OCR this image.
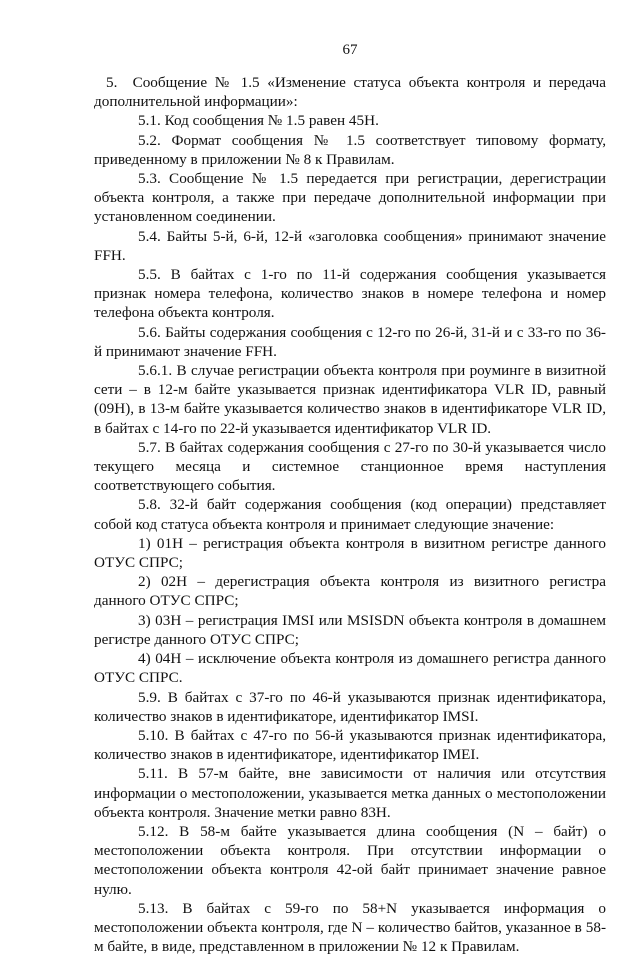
67

5. Сообщение № 1.5 «Изменение статуса объекта контроля и передача дополнительной информации»:

5.1. Код сообщения № 1.5 равен 45H.

5.2. Формат сообщения № 1.5 соответствует типовому формату, приведенному в приложении № 8 к Правилам.

5.3. Сообщение № 1.5 передается при регистрации, дерегистрации объекта контроля, а также при передаче дополнительной информации при установленном соединении.

5.4. Байты 5-й, 6-й, 12-й «заголовка сообщения» принимают значение FFH.

5.5. В байтах с 1-го по 11-й содержания сообщения указывается признак номера телефона, количество знаков в номере телефона и номер телефона объекта контроля.

5.6. Байты содержания сообщения с 12-го по 26-й, 31-й и с 33-го по 36-й принимают значение FFH.

5.6.1. В случае регистрации объекта контроля при роуминге в визитной сети – в 12-м байте указывается признак идентификатора VLR ID, равный (09H), в 13-м байте указывается количество знаков в идентификаторе VLR ID, в байтах с 14-го по 22-й указывается идентификатор VLR ID.

5.7. В байтах содержания сообщения с 27-го по 30-й указывается число текущего месяца и системное станционное время наступления соответствующего события.

5.8. 32-й байт содержания сообщения (код операции) представляет собой код статуса объекта контроля и принимает следующие значение:

1) 01H – регистрация объекта контроля в визитном регистре данного ОТУС СПРС;

2) 02H – дерегистрация объекта контроля из визитного регистра данного ОТУС СПРС;

3) 03H – регистрация IMSI или MSISDN объекта контроля в домашнем регистре данного ОТУС СПРС;

4) 04H – исключение объекта контроля из домашнего регистра данного ОТУС СПРС.

5.9. В байтах с 37-го по 46-й указываются признак идентификатора, количество знаков в идентификаторе, идентификатор IMSI.

5.10. В байтах с 47-го по 56-й указываются признак идентификатора, количество знаков в идентификаторе, идентификатор IMEI.

5.11. В 57-м байте, вне зависимости от наличия или отсутствия информации о местоположении, указывается метка данных о местоположении объекта контроля. Значение метки равно 83H.

5.12. В 58-м байте указывается длина сообщения (N – байт) о местоположении объекта контроля. При отсутствии информации о местоположении объекта контроля 42-ой байт принимает значение равное нулю.

5.13. В байтах с 59-го по 58+N указывается информация о местоположении объекта контроля, где N – количество байтов, указанное в 58-м байте, в виде, представленном в приложении № 12 к Правилам.
